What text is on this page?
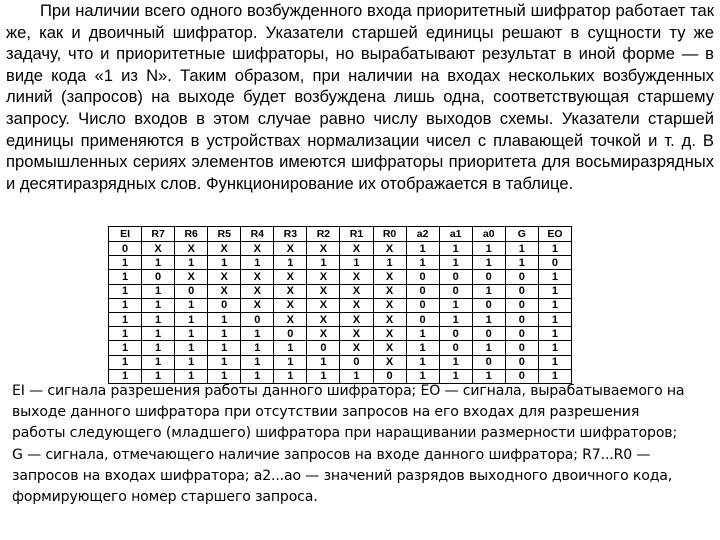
При наличии всего одного возбужденного входа приоритетный шифратор работает так же, как и двоичный шифратор. Указатели старшей единицы решают в сущности ту же задачу, что и приоритетные шифраторы, но вырабатывают результат в иной форме — в виде кода «1 из N». Таким образом, при наличии на входах нескольких возбужденных линий (запросов) на выходе будет возбуждена лишь одна, соответствующая старшему запросу. Число входов в этом случае равно числу выходов схемы. Указатели старшей единицы применяются в устройствах нормализации чисел с плавающей точкой и т. д. В промышленных сериях элементов имеются шифраторы приоритета для восьмиразрядных и десятиразрядных слов. Функционирование их отображается в таблице.

EI	R7	R6	R5	R4	R3	R2	R1	R0	a2	a1	a0	G	EO
0	X	X	X	X	X	X	X	X	1	1	1	1	1
1	1	1	1	1	1	1	1	1	1	1	1	1	0
1	0	X	X	X	X	X	X	X	0	0	0	0	1
1	1	0	X	X	X	X	X	X	0	0	1	0	1
1	1	1	0	X	X	X	X	X	0	1	0	0	1
1	1	1	1	0	X	X	X	X	0	1	1	0	1
1	1	1	1	1	0	X	X	X	1	0	0	0	1
1	1	1	1	1	1	0	X	X	1	0	1	0	1
1	1	1	1	1	1	1	0	X	1	1	0	0	1
1	1	1	1	1	1	1	1	0	1	1	1	0	1
EI — сигнала разрешения работы данного шифратора; ЕО — сигнала, вырабатываемого на
выходе данного шифратора при отсутствии запросов на его входах для разрешения
работы следующего (младшего) шифратора при наращивании размерности шифраторов;
G — сигнала, отмечающего наличие запросов на входе данного шифратора; R7...R0 —
запросов на входах шифратора; a2...aо — значений разрядов выходного двоичного кода,
формирующего номер старшего запроса.
